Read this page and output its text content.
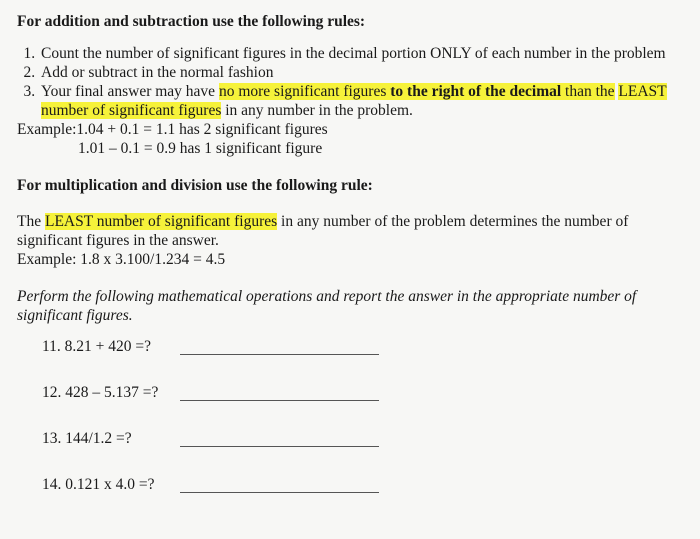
For addition and subtraction use the following rules:

1. Count the number of significant figures in the decimal portion ONLY of each number in the problem
2. Add or subtract in the normal fashion
3. Your final answer may have no more significant figures to the right of the decimal than the LEAST number of significant figures in any number in the problem.

Example:1.04 + 0.1 = 1.1 has 2 significant figures

1.01 – 0.1 = 0.9 has 1 significant figure

For multiplication and division use the following rule:

The LEAST number of significant figures in any number of the problem determines the number of significant figures in the answer.

Example: 1.8 x 3.100/1.234 = 4.5

Perform the following mathematical operations and report the answer in the appropriate number of significant figures.

11. 8.21 + 420 =?
12. 428 – 5.137 =?
13. 144/1.2 =?
14. 0.121 x 4.0 =?
